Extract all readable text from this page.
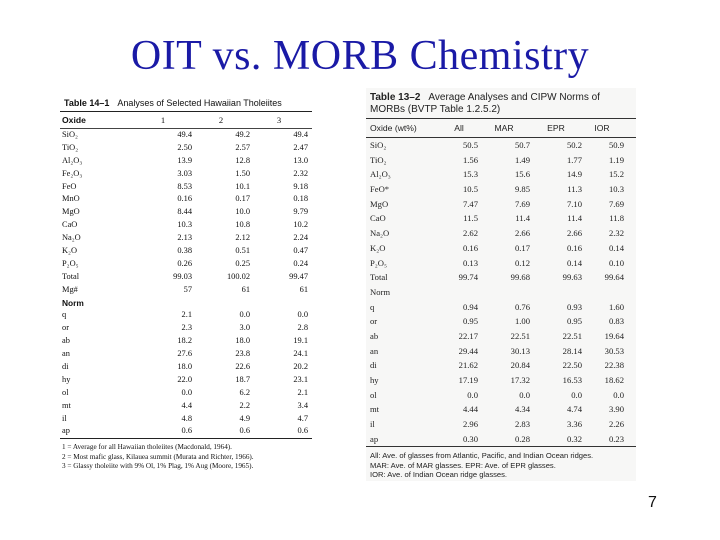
OIT vs. MORB Chemistry
Table 14–1 Analyses of Selected Hawaiian Tholeiites
Oxide	1	2	3
SiO₂	49.4	49.2	49.4
TiO₂	2.50	2.57	2.47
Al₂O₃	13.9	12.8	13.0
Fe₂O₃	3.03	1.50	2.32
FeO	8.53	10.1	9.18
MnO	0.16	0.17	0.18
MgO	8.44	10.0	9.79
CaO	10.3	10.8	10.2
Na₂O	2.13	2.12	2.24
K₂O	0.38	0.51	0.47
P₂O₅	0.26	0.25	0.24
Total	99.03	100.02	99.47
Mg#	57	61	61
Norm
q	2.1	0.0	0.0
or	2.3	3.0	2.8
ab	18.2	18.0	19.1
an	27.6	23.8	24.1
di	18.0	22.6	20.2
hy	22.0	18.7	23.1
ol	0.0	6.2	2.1
mt	4.4	2.2	3.4
il	4.8	4.9	4.7
ap	0.6	0.6	0.6
1 = Average for all Hawaiian tholeiites (Macdonald, 1964).
2 = Most mafic glass, Kilauea summit (Murata and Richter, 1966).
3 = Glassy tholeiite with 9% Ol, 1% Plag, 1% Aug (Moore, 1965).
Table 13–2 Average Analyses and CIPW Norms of MORBs (BVTP Table 1.2.5.2)
Oxide (wt%)	All	MAR	EPR	IOR
SiO₂	50.5	50.7	50.2	50.9
TiO₂	1.56	1.49	1.77	1.19
Al₂O₃	15.3	15.6	14.9	15.2
FeO*	10.5	9.85	11.3	10.3
MgO	7.47	7.69	7.10	7.69
CaO	11.5	11.4	11.4	11.8
Na₂O	2.62	2.66	2.66	2.32
K₂O	0.16	0.17	0.16	0.14
P₂O₅	0.13	0.12	0.14	0.10
Total	99.74	99.68	99.63	99.64
Norm
q	0.94	0.76	0.93	1.60
or	0.95	1.00	0.95	0.83
ab	22.17	22.51	22.51	19.64
an	29.44	30.13	28.14	30.53
di	21.62	20.84	22.50	22.38
hy	17.19	17.32	16.53	18.62
ol	0.0	0.0	0.0	0.0
mt	4.44	4.34	4.74	3.90
il	2.96	2.83	3.36	2.26
ap	0.30	0.28	0.32	0.23
All: Ave. of glasses from Atlantic, Pacific, and Indian Ocean ridges.
MAR: Ave. of MAR glasses. EPR: Ave. of EPR glasses.
IOR: Ave. of Indian Ocean ridge glasses.
7
